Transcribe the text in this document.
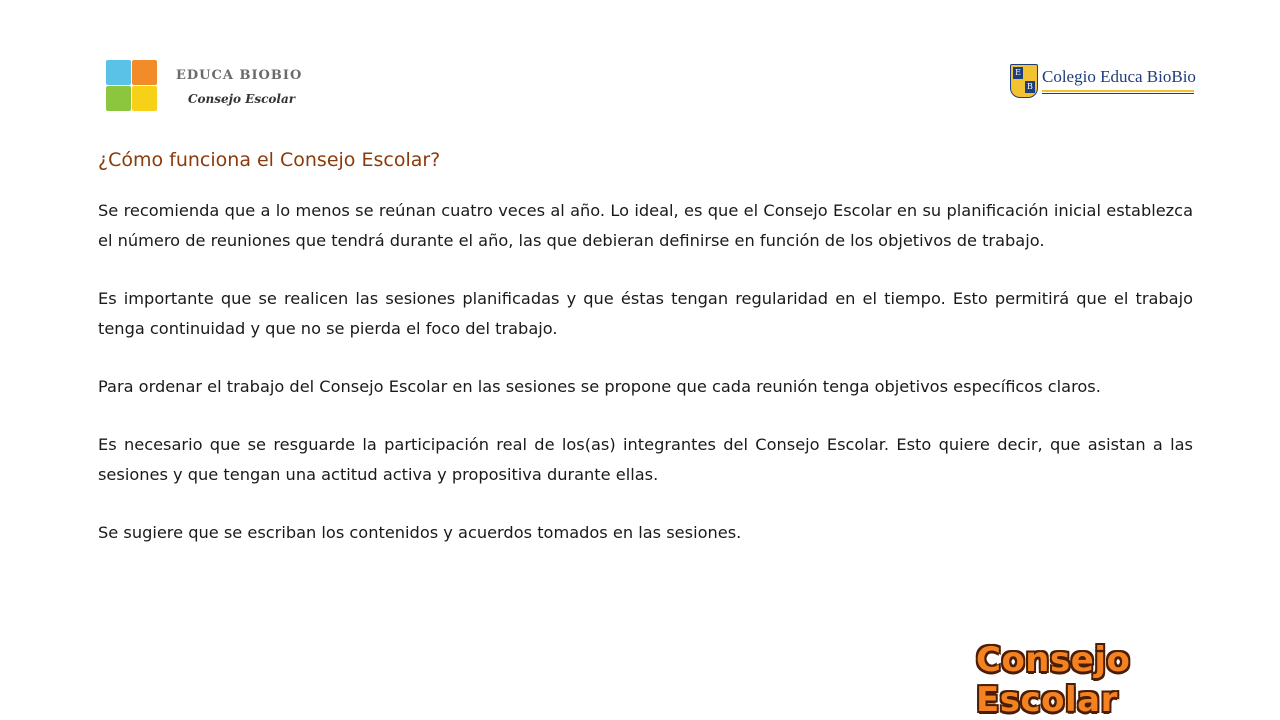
EDUCA BIOBIO
Consejo Escolar
E
B
Colegio Educa BioBio
¿Cómo funciona el Consejo Escolar?

Se recomienda que a lo menos se reúnan cuatro veces al año. Lo ideal, es que el Consejo Escolar en su planificación inicial establezca el número de reuniones que tendrá durante el año, las que debieran definirse en función de los objetivos de trabajo.

Es importante que se realicen las sesiones planificadas y que éstas tengan regularidad en el tiempo. Esto permitirá que el trabajo tenga continuidad y que no se pierda el foco del trabajo.

Para ordenar el trabajo del Consejo Escolar en las sesiones se propone que cada reunión tenga objetivos específicos claros.

Es necesario que se resguarde la participación real de los(as) integrantes del Consejo Escolar. Esto quiere decir, que asistan a las sesiones y que tengan una actitud activa y propositiva durante ellas.

Se sugiere que se escriban los contenidos y acuerdos tomados en las sesiones.

Consejo Escolar
